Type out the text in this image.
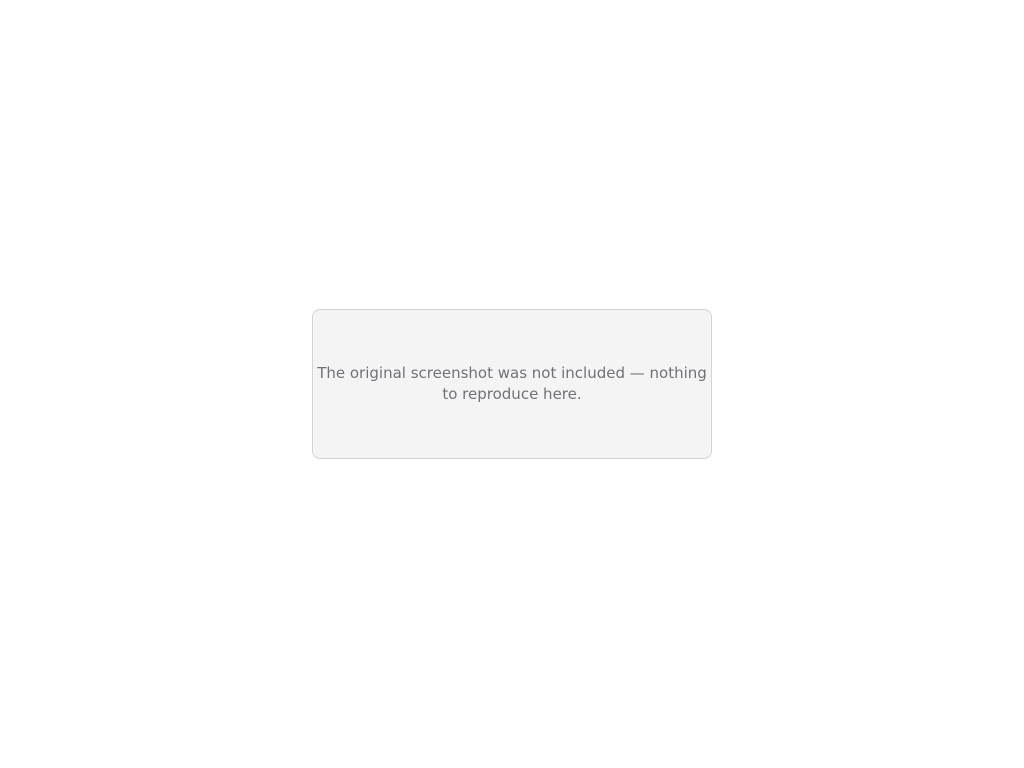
The original screenshot was not included — nothing to reproduce here.
